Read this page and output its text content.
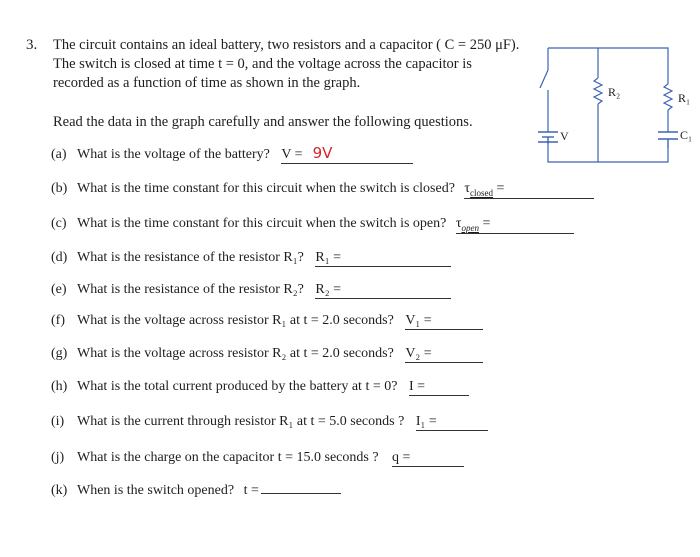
3. The circuit contains an ideal battery, two resistors and a capacitor ( C = 250 μF).
The switch is closed at time t = 0, and the voltage across the capacitor is
recorded as a function of time as shown in the graph.
Read the data in the graph carefully and answer the following questions.
V
R₂	R₁
C₁
(a) What is the voltage of the battery? V = 9V
(b) What is the time constant for this circuit when the switch is closed? $\tau_{closed}$ =
(c) What is the time constant for this circuit when the switch is open? $\tau_{open}$ =
(d) What is the resistance of the resistor R₁? R₁ =
(e) What is the resistance of the resistor R₂? R₂ =
(f) What is the voltage across resistor R₁ at t = 2.0 seconds? V₁ =
(g) What is the voltage across resistor R₂ at t = 2.0 seconds? V₂ =
(h) What is the total current produced by the battery at t = 0? I =
(i) What is the current through resistor R₁ at t = 5.0 seconds ? I₁ =
(j) What is the charge on the capacitor t = 15.0 seconds ? q =
(k) When is the switch opened? t =
